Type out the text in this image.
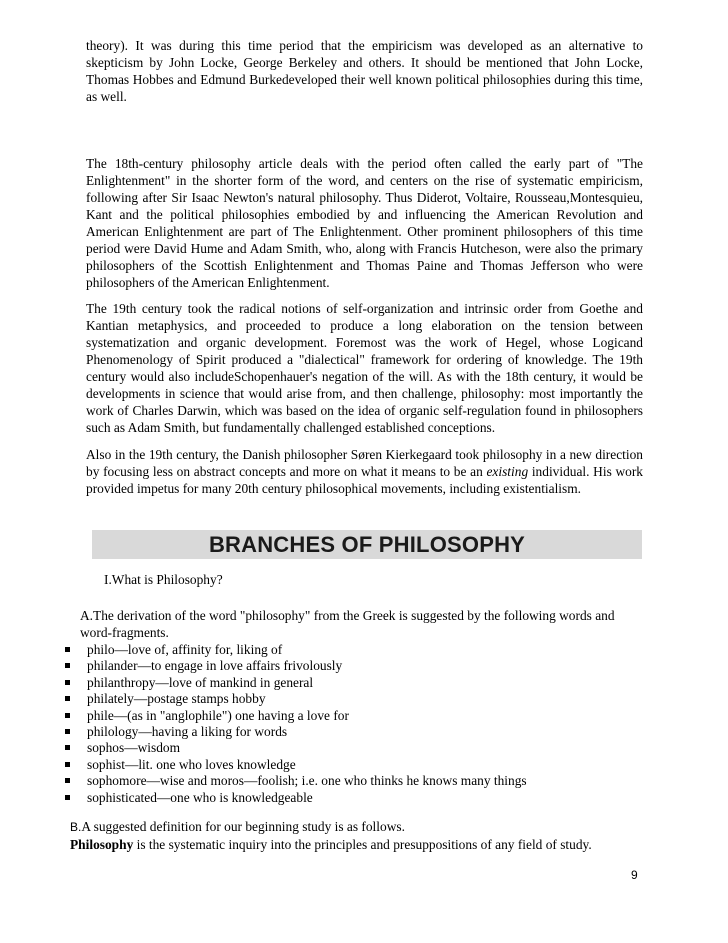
theory). It was during this time period that the empiricism was developed as an alternative to skepticism by John Locke, George Berkeley and others. It should be mentioned that John Locke, Thomas Hobbes and Edmund Burkedeveloped their well known political philosophies during this time, as well.

The 18th-century philosophy article deals with the period often called the early part of "The Enlightenment" in the shorter form of the word, and centers on the rise of systematic empiricism, following after Sir Isaac Newton's natural philosophy. Thus Diderot, Voltaire, Rousseau,Montesquieu, Kant and the political philosophies embodied by and influencing the American Revolution and American Enlightenment are part of The Enlightenment. Other prominent philosophers of this time period were David Hume and Adam Smith, who, along with Francis Hutcheson, were also the primary philosophers of the Scottish Enlightenment and Thomas Paine and Thomas Jefferson who were philosophers of the American Enlightenment.

The 19th century took the radical notions of self-organization and intrinsic order from Goethe and Kantian metaphysics, and proceeded to produce a long elaboration on the tension between systematization and organic development. Foremost was the work of Hegel, whose Logicand Phenomenology of Spirit produced a "dialectical" framework for ordering of knowledge. The 19th century would also includeSchopenhauer's negation of the will. As with the 18th century, it would be developments in science that would arise from, and then challenge, philosophy: most importantly the work of Charles Darwin, which was based on the idea of organic self-regulation found in philosophers such as Adam Smith, but fundamentally challenged established conceptions.

Also in the 19th century, the Danish philosopher Søren Kierkegaard took philosophy in a new direction by focusing less on abstract concepts and more on what it means to be an existing individual. His work provided impetus for many 20th century philosophical movements, including existentialism.

BRANCHES OF PHILOSOPHY
I.What is Philosophy?

A.The derivation of the word "philosophy" from the Greek is suggested by the following words and word-fragments.

philo—love of, affinity for, liking of
philander—to engage in love affairs frivolously
philanthropy—love of mankind in general
philately—postage stamps hobby
phile—(as in "anglophile") one having a love for
philology—having a liking for words
sophos—wisdom
sophist—lit. one who loves knowledge
sophomore—wise and moros—foolish; i.e. one who thinks he knows many things
sophisticated—one who is knowledgeable
B.A suggested definition for our beginning study is as follows.
Philosophy is the systematic inquiry into the principles and presuppositions of any field of study.
9
